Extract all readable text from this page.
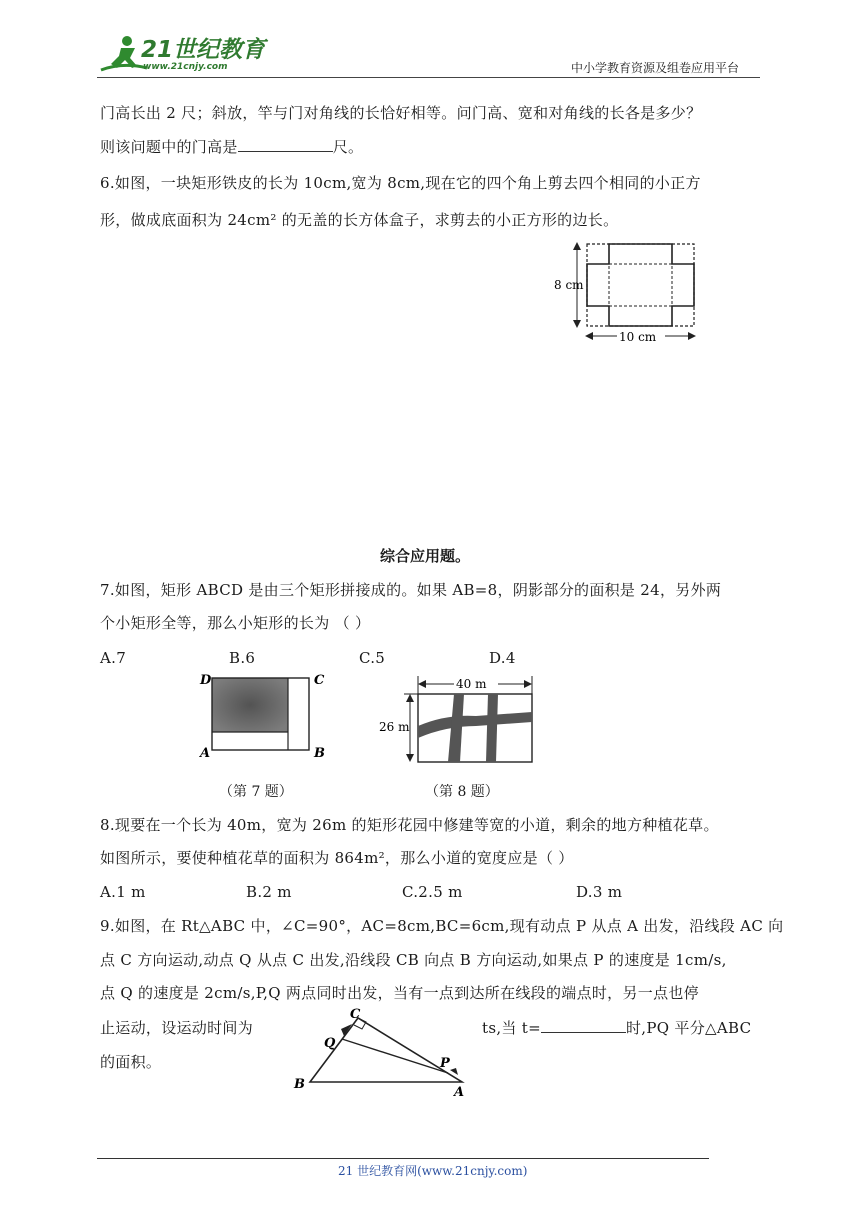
21世纪教育
www.21cnjy.com	中小学教育资源及组卷应用平台
门高长出 2 尺；斜放，竿与门对角线的长恰好相等。问门高、宽和对角线的长各是多少？
则该问题中的门高是	尺。
6.如图，一块矩形铁皮的长为 10cm,宽为 8cm,现在它的四个角上剪去四个相同的小正方
形，做成底面积为 24cm² 的无盖的长方体盒子，求剪去的小正方形的边长。
8 cm
10 cm
综合应用题。
7.如图，矩形 ABCD 是由三个矩形拼接成的。如果 AB=8，阴影部分的面积是 24，另外两
个小矩形全等，那么小矩形的长为 （ ）
A.7	B.6	C.5	D.4
D	C
A	B
（第 7 题）
40 m
26 m
（第 8 题）
8.现要在一个长为 40m，宽为 26m 的矩形花园中修建等宽的小道，剩余的地方种植花草。
如图所示，要使种植花草的面积为 864m²，那么小道的宽度应是（ ）
A.1 m	B.2 m	C.2.5 m	D.3 m
9.如图，在 Rt△ABC 中，∠C=90°，AC=8cm,BC=6cm,现有动点 P 从点 A 出发，沿线段 AC 向
点 C 方向运动,动点 Q 从点 C 出发,沿线段 CB 向点 B 方向运动,如果点 P 的速度是 1cm/s,
点 Q 的速度是 2cm/s,P,Q 两点同时出发，当有一点到达所在线段的端点时，另一点也停
止运动，设运动时间为	ts,当 t=	时,PQ 平分△ABC
的面积。
C
Q
P
B
A
21 世纪教育网(www.21cnjy.com)
